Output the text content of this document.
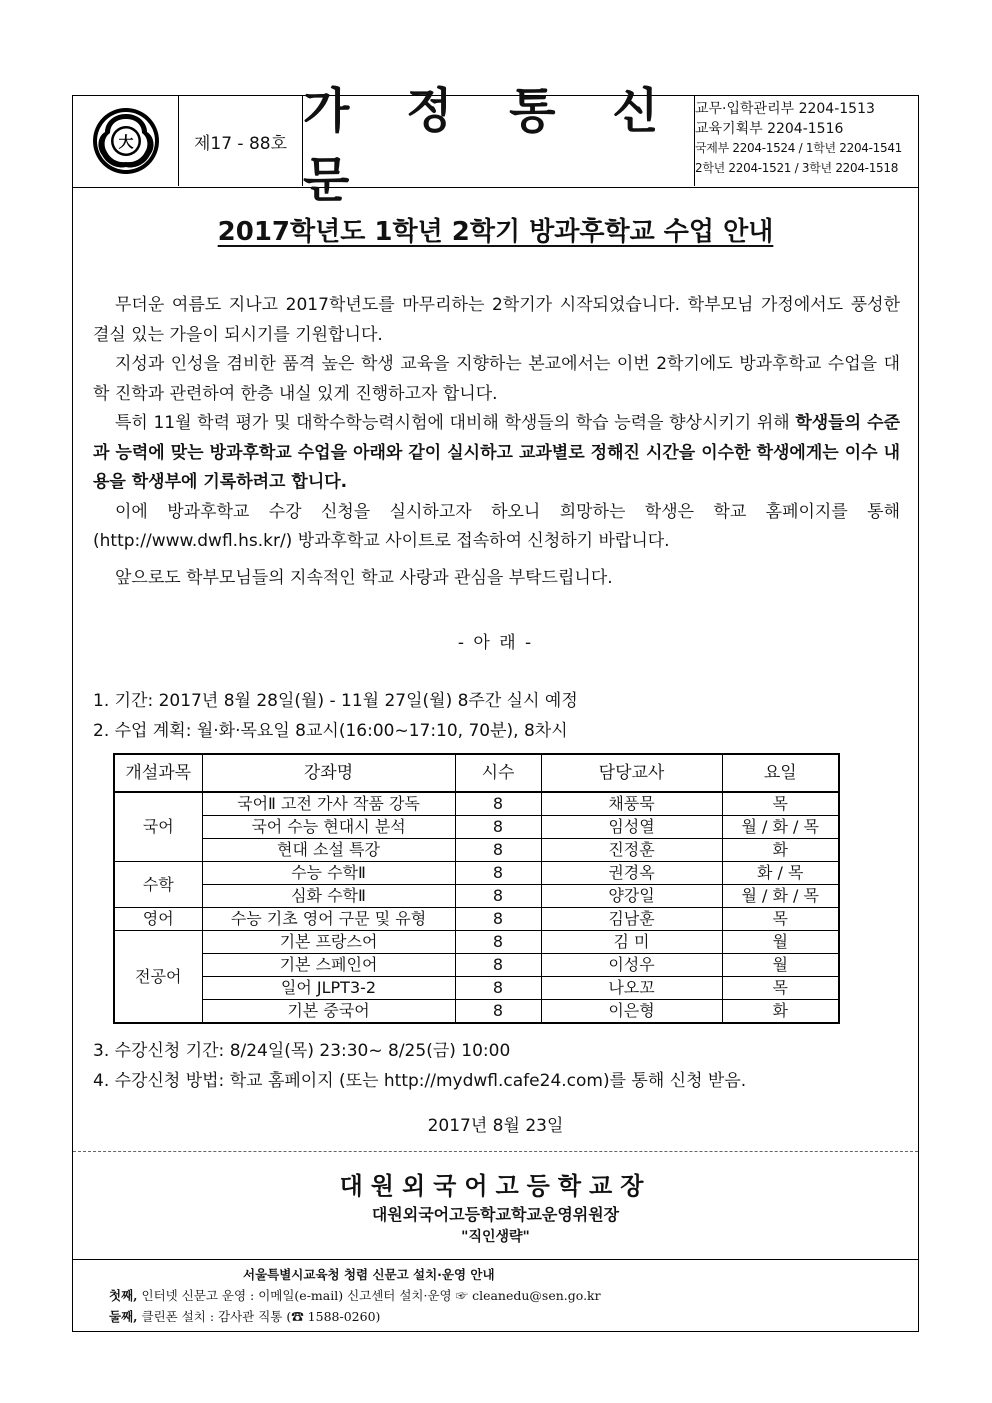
大	제17 - 88호
가 정 통 신 문
교무·입학관리부 2204-1513
교육기획부 2204-1516
국제부 2204-1524 / 1학년 2204-1541
2학년 2204-1521 / 3학년 2204-1518
2017학년도 1학년 2학기 방과후학교 수업 안내

무더운 여름도 지나고 2017학년도를 마무리하는 2학기가 시작되었습니다. 학부모님 가정에서도 풍성한 결실 있는 가을이 되시기를 기원합니다.

지성과 인성을 겸비한 품격 높은 학생 교육을 지향하는 본교에서는 이번 2학기에도 방과후학교 수업을 대학 진학과 관련하여 한층 내실 있게 진행하고자 합니다.

특히 11월 학력 평가 및 대학수학능력시험에 대비해 학생들의 학습 능력을 향상시키기 위해 학생들의 수준과 능력에 맞는 방과후학교 수업을 아래와 같이 실시하고 교과별로 정해진 시간을 이수한 학생에게는 이수 내용을 학생부에 기록하려고 합니다.

이에 방과후학교 수강 신청을 실시하고자 하오니 희망하는 학생은 학교 홈페이지를 통해 (http://www.dwfl.hs.kr/) 방과후학교 사이트로 접속하여 신청하기 바랍니다.

앞으로도 학부모님들의 지속적인 학교 사랑과 관심을 부탁드립니다.

- 아 래 -
1. 기간: 2017년 8월 28일(월) - 11월 27일(월) 8주간 실시 예정
2. 수업 계획: 월·화·목요일 8교시(16:00~17:10, 70분), 8차시
개설과목	강좌명	시수	담당교사	요일
국어	국어Ⅱ 고전 가사 작품 강독	8	채풍묵	목
	국어 수능 현대시 분석	8	임성열	월 / 화 / 목
	현대 소설 특강	8	진정훈	화
수학	수능 수학Ⅱ	8	권경옥	화 / 목
	심화 수학Ⅱ	8	양강일	월 / 화 / 목
영어	수능 기초 영어 구문 및 유형	8	김남훈	목
전공어	기본 프랑스어	8	김 미	월
	기본 스페인어	8	이성우	월
	일어 JLPT3-2	8	나오꼬	목
	기본 중국어	8	이은형	화
3. 수강신청 기간: 8/24일(목) 23:30~ 8/25(금) 10:00
4. 수강신청 방법: 학교 홈페이지 (또는 http://mydwfl.cafe24.com)를 통해 신청 받음.
2017년 8월 23일
대원외국어고등학교장
대원외국어고등학교학교운영위원장
"직인생략"
서울특별시교육청 청렴 신문고 설치·운영 안내
첫째, 인터넷 신문고 운영 : 이메일(e-mail) 신고센터 설치·운영 ☞ cleanedu@sen.go.kr
둘째, 클린폰 설치 : 감사관 직통 (☎ 1588-0260)
